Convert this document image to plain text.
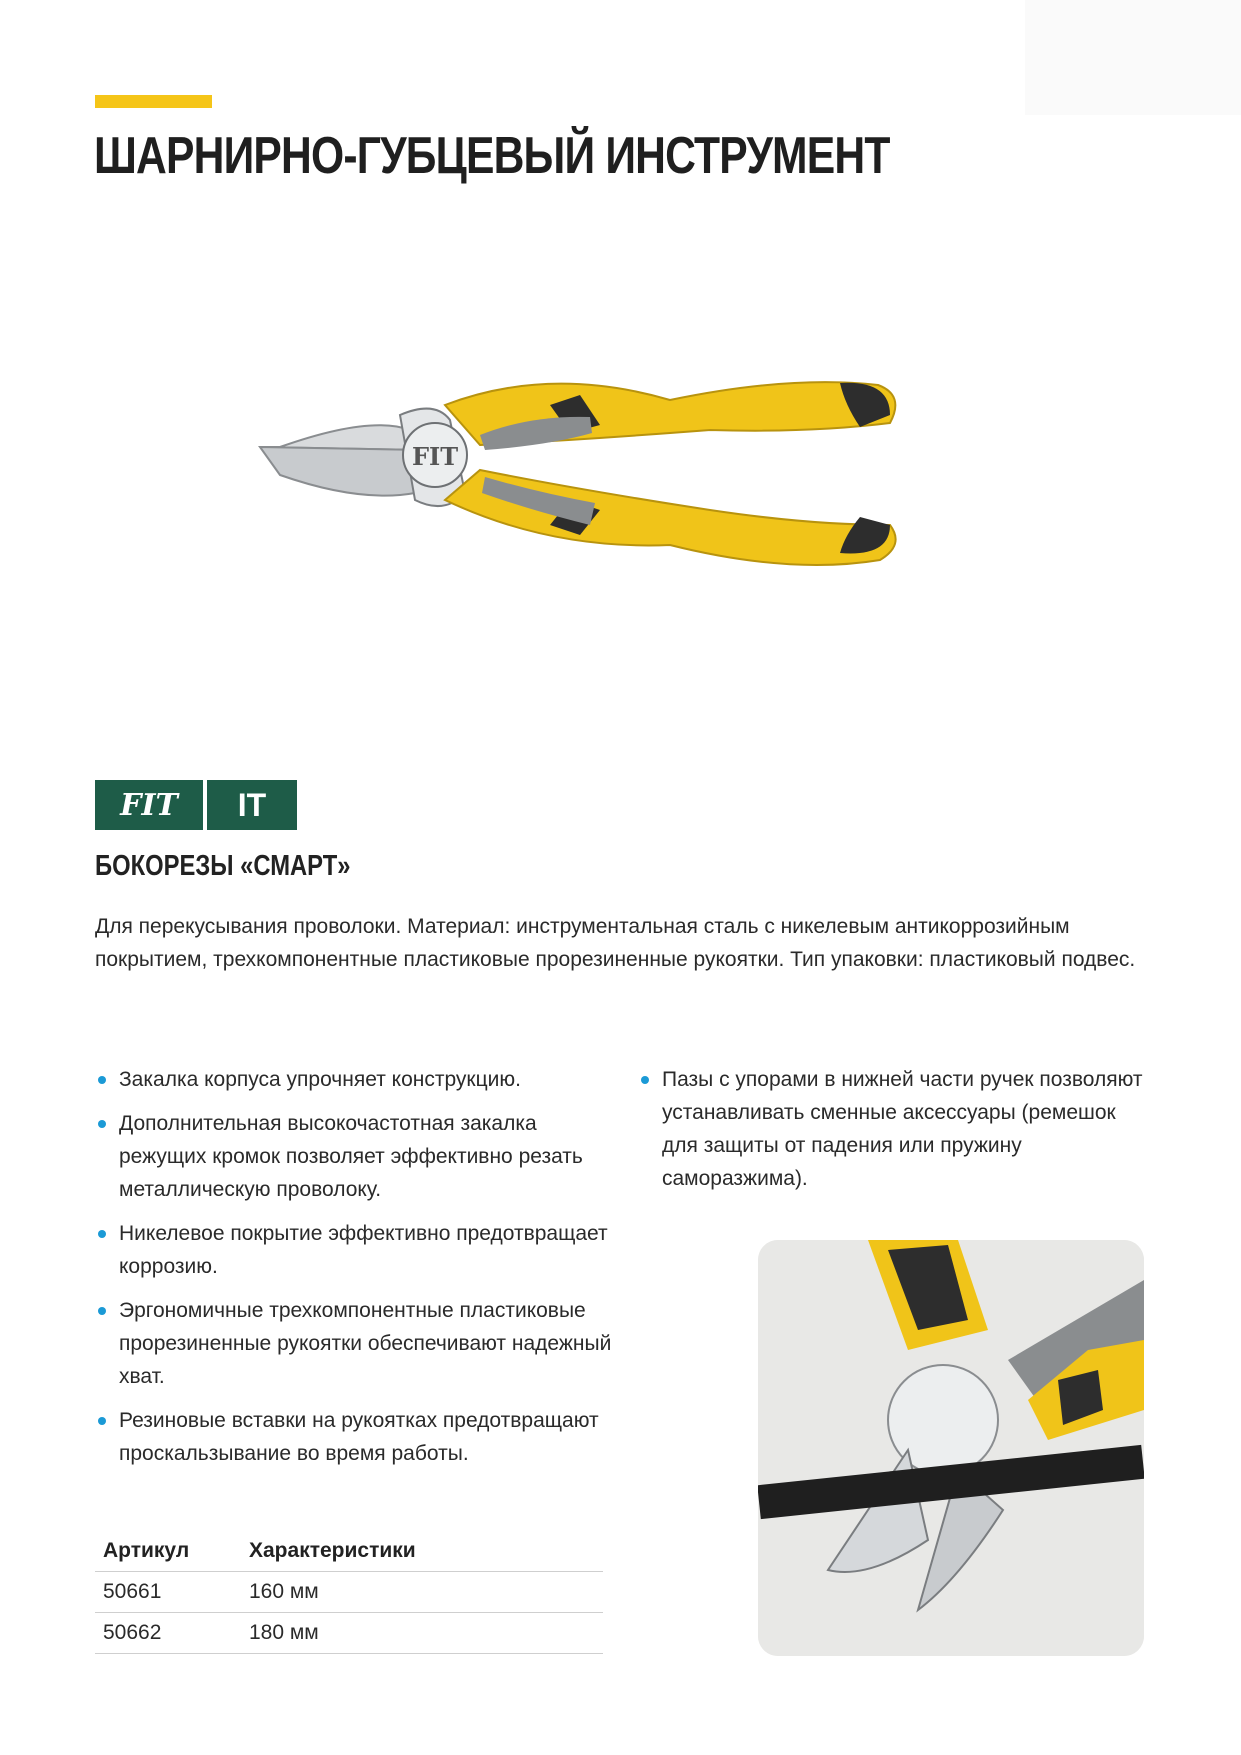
ШАРНИРНО-ГУБЦЕВЫЙ ИНСТРУМЕНТ
FIT
FIT	IT
БОКОРЕЗЫ «СМАРТ»

Для перекусывания проволоки. Материал: инструментальная сталь с никелевым антикоррозийным покрытием, трехкомпонентные пластиковые прорезиненные рукоятки. Тип упаковки: пластиковый подвес.

Закалка корпуса упрочняет конструкцию.
Дополнительная высокочастотная закалка режущих кромок позволяет эффективно резать металлическую проволоку.
Никелевое покрытие эффективно предотвращает коррозию.
Эргономичные трехкомпонентные пластиковые прорезиненные рукоятки обеспечивают надежный хват.
Резиновые вставки на рукоятках предотвращают проскальзывание во время работы.
Пазы с упорами в нижней части ручек позволяют устанавливать сменные аксессуары (ремешок для защиты от падения или пружину саморазжима).
Артикул	Характеристики
50661	160 мм
50662	180 мм
